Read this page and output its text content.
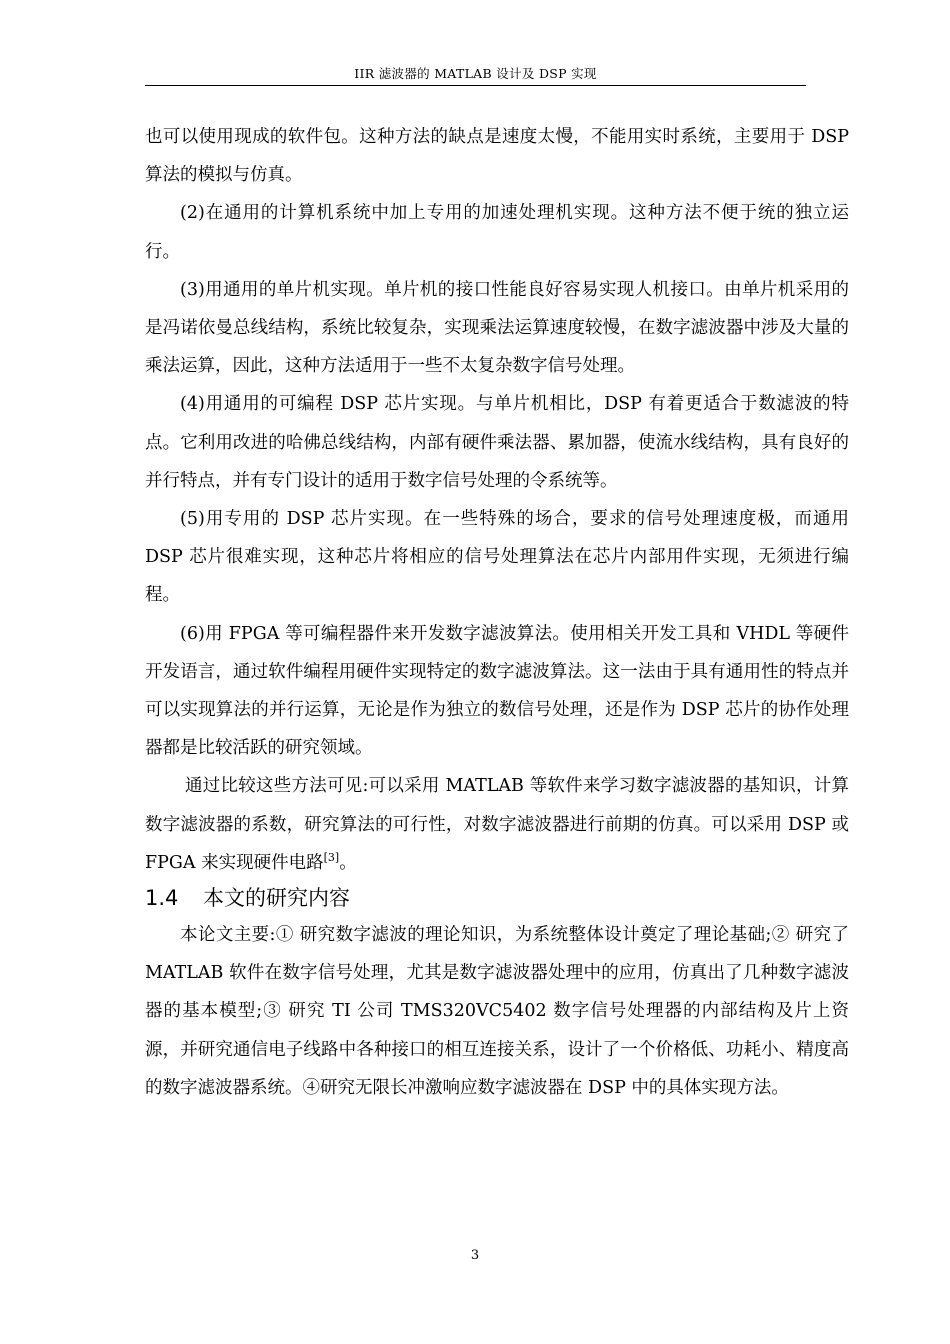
IIR 滤波器的 MATLAB 设计及 DSP 实现

也可以使用现成的软件包。这种方法的缺点是速度太慢，不能用实时系统，主要用于 DSP 算法的模拟与仿真。

(2)在通用的计算机系统中加上专用的加速处理机实现。这种方法不便于统的独立运行。

(3)用通用的单片机实现。单片机的接口性能良好容易实现人机接口。由单片机采用的是冯诺依曼总线结构，系统比较复杂，实现乘法运算速度较慢，在数字滤波器中涉及大量的乘法运算，因此，这种方法适用于一些不太复杂数字信号处理。

(4)用通用的可编程 DSP 芯片实现。与单片机相比，DSP 有着更适合于数滤波的特点。它利用改进的哈佛总线结构，内部有硬件乘法器、累加器，使流水线结构，具有良好的并行特点，并有专门设计的适用于数字信号处理的令系统等。

(5)用专用的 DSP 芯片实现。在一些特殊的场合，要求的信号处理速度极，而通用 DSP 芯片很难实现，这种芯片将相应的信号处理算法在芯片内部用件实现，无须进行编程。

(6)用 FPGA 等可编程器件来开发数字滤波算法。使用相关开发工具和 VHDL 等硬件开发语言，通过软件编程用硬件实现特定的数字滤波算法。这一法由于具有通用性的特点并可以实现算法的并行运算，无论是作为独立的数信号处理，还是作为 DSP 芯片的协作处理器都是比较活跃的研究领域。

通过比较这些方法可见:可以采用 MATLAB 等软件来学习数字滤波器的基知识，计算数字滤波器的系数，研究算法的可行性，对数字滤波器进行前期的仿真。可以采用 DSP 或 FPGA 来实现硬件电路[3]。

1.4 本文的研究内容

本论文主要:① 研究数字滤波的理论知识，为系统整体设计奠定了理论基础;② 研究了 MATLAB 软件在数字信号处理，尤其是数字滤波器处理中的应用，仿真出了几种数字滤波器的基本模型;③ 研究 TI 公司 TMS320VC5402 数字信号处理器的内部结构及片上资源，并研究通信电子线路中各种接口的相互连接关系，设计了一个价格低、功耗小、精度高的数字滤波器系统。④研究无限长冲激响应数字滤波器在 DSP 中的具体实现方法。

3
